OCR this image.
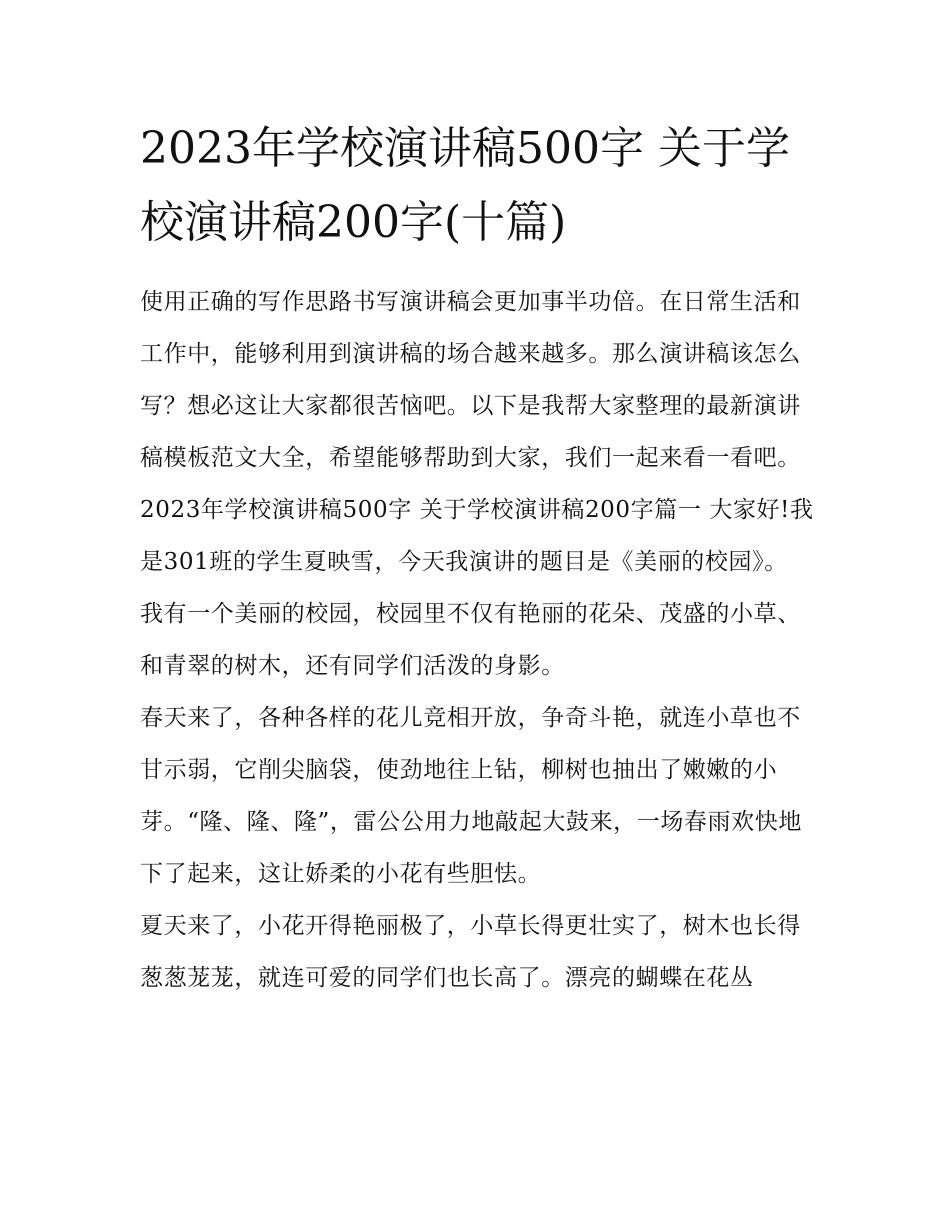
2023年学校演讲稿500字 关于学校演讲稿200字(十篇)

使用正确的写作思路书写演讲稿会更加事半功倍。在日常生活和工作中，能够利用到演讲稿的场合越来越多。那么演讲稿该怎么写？想必这让大家都很苦恼吧。以下是我帮大家整理的最新演讲稿模板范文大全，希望能够帮助到大家，我们一起来看一看吧。

2023年学校演讲稿500字 关于学校演讲稿200字篇一 大家好!我是301班的学生夏映雪，今天我演讲的题目是《美丽的校园》。

我有一个美丽的校园，校园里不仅有艳丽的花朵、茂盛的小草、和青翠的树木，还有同学们活泼的身影。

春天来了，各种各样的花儿竞相开放，争奇斗艳，就连小草也不甘示弱，它削尖脑袋，使劲地往上钻，柳树也抽出了嫩嫩的小芽。“隆、隆、隆”，雷公公用力地敲起大鼓来，一场春雨欢快地下了起来，这让娇柔的小花有些胆怯。

夏天来了，小花开得艳丽极了，小草长得更壮实了，树木也长得葱葱茏茏，就连可爱的同学们也长高了。漂亮的蝴蝶在花丛
